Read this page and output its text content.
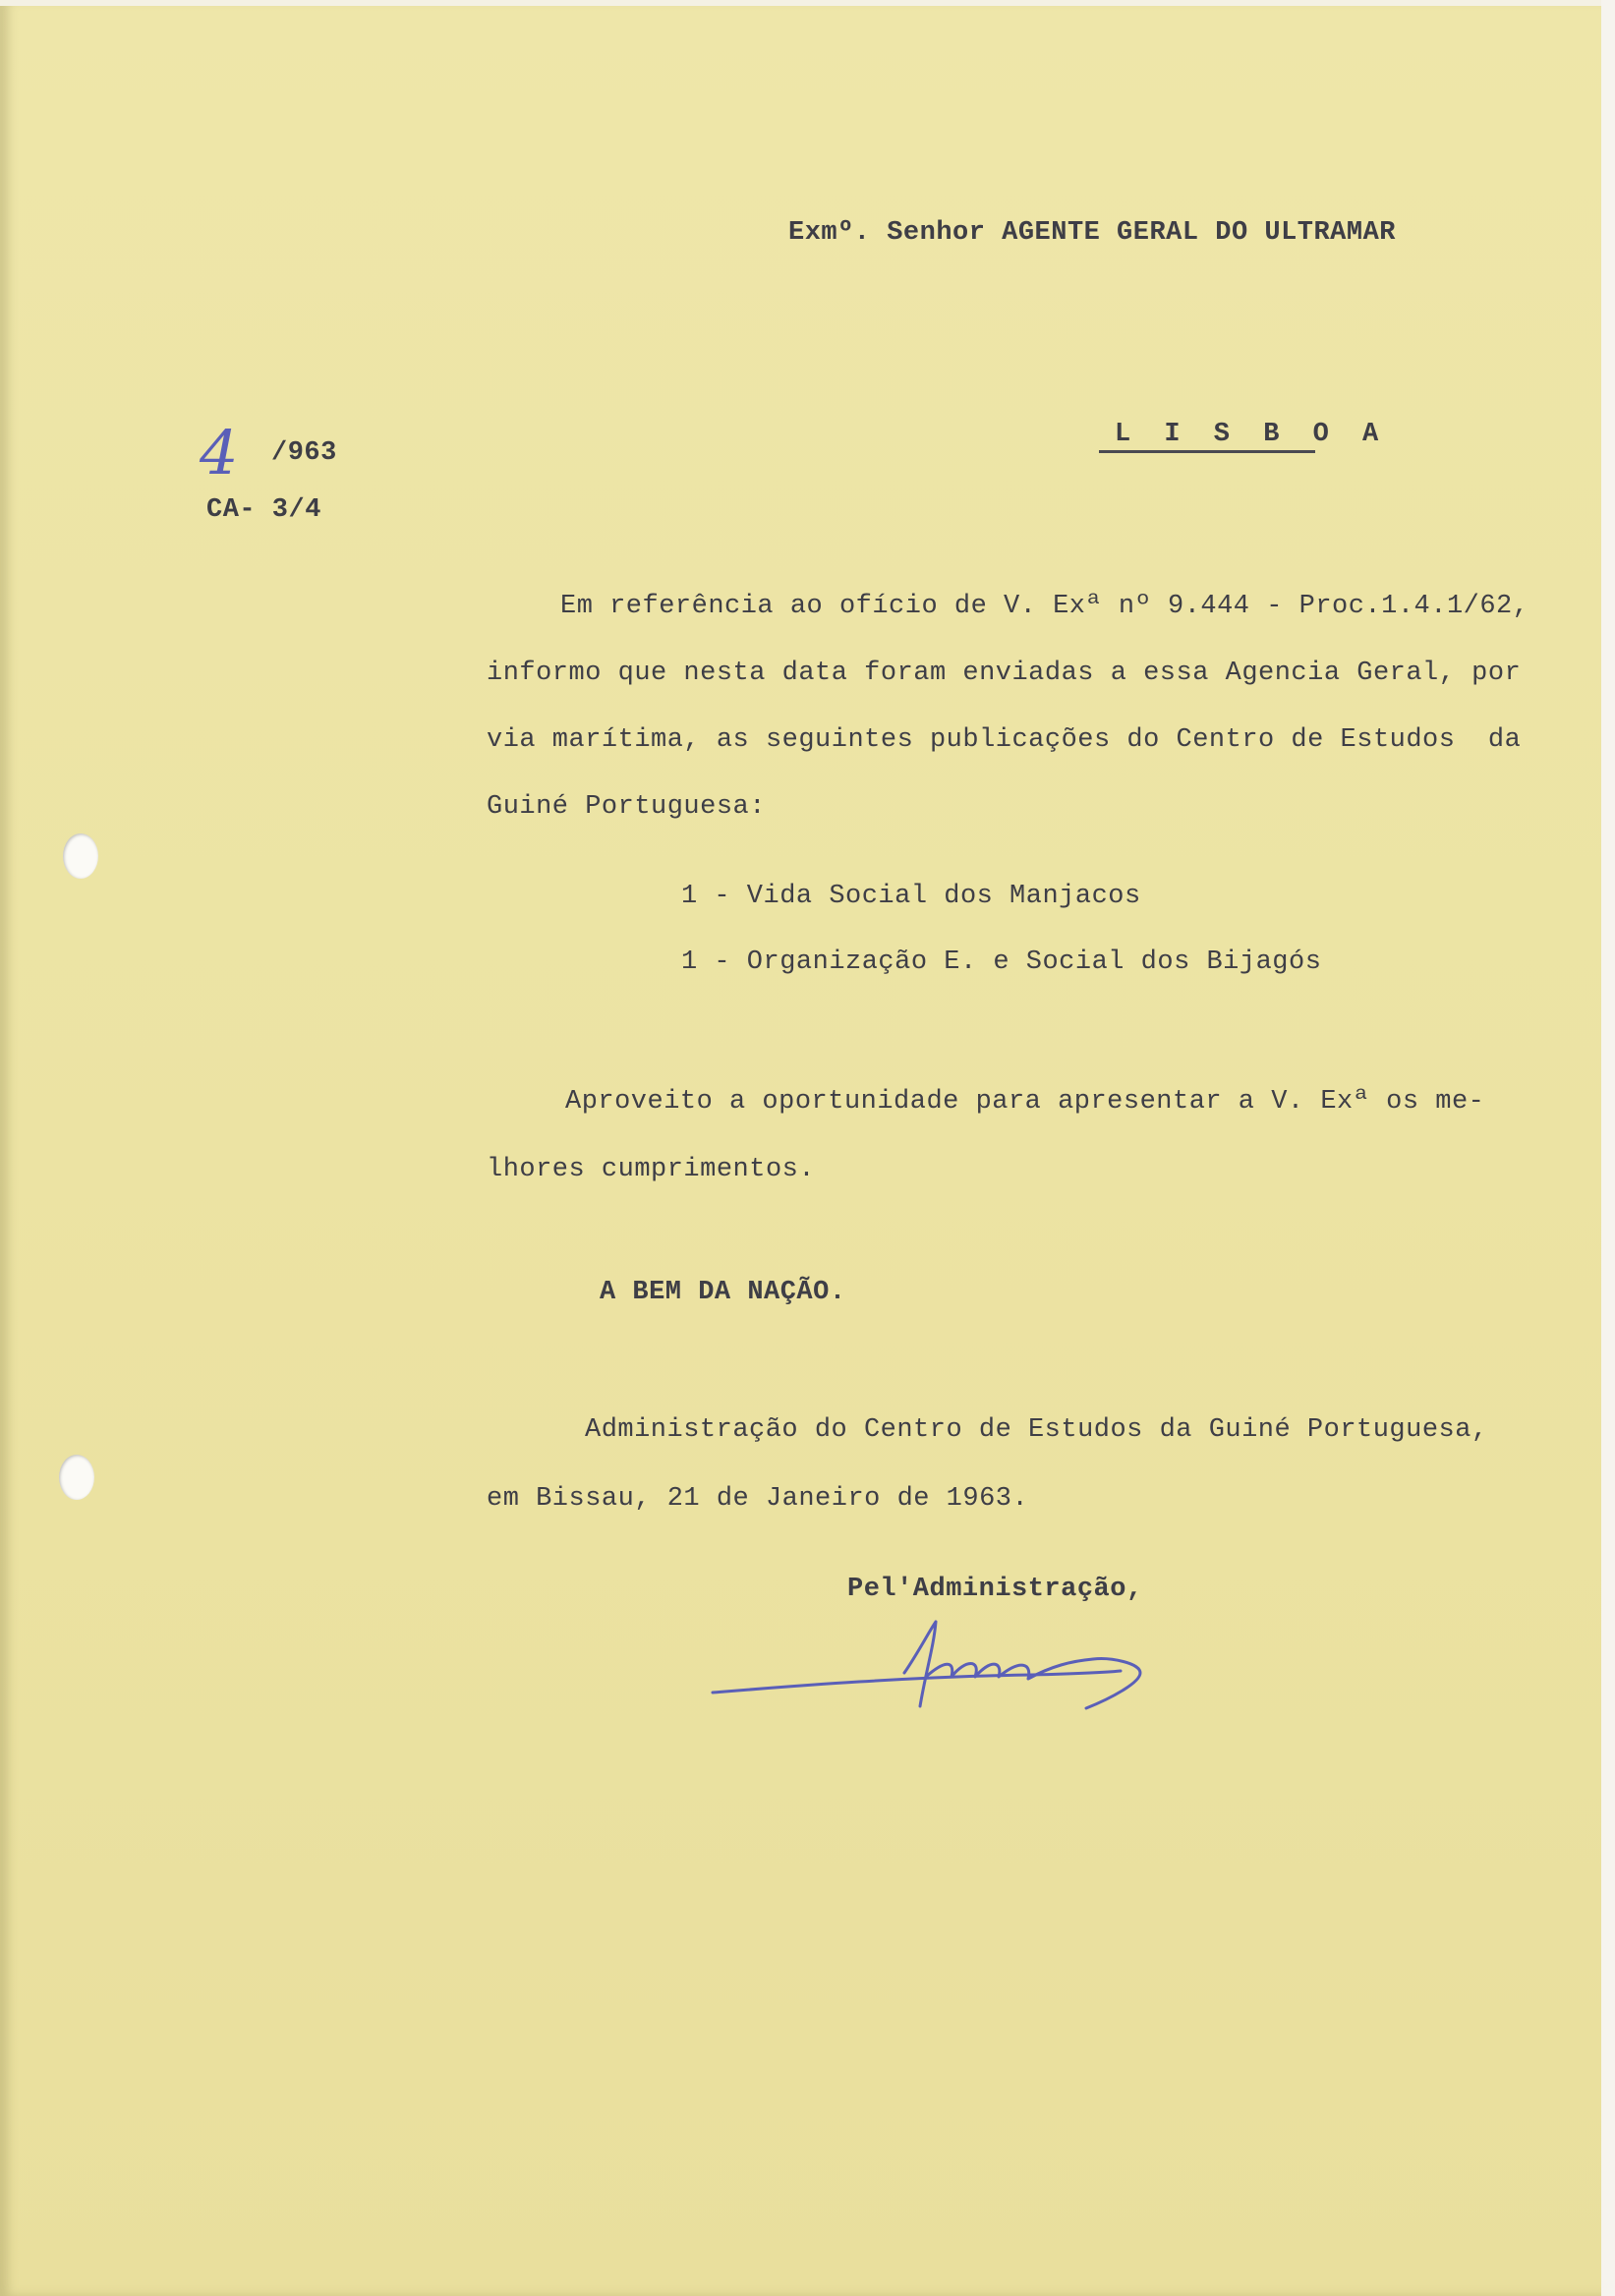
Exmº. Senhor AGENTE GERAL DO ULTRAMAR
L I S B O A
4 /963
CA- 3/4
Em referência ao ofício de V. Exª nº 9.444 - Proc.1.4.1/62,
informo que nesta data foram enviadas a essa Agencia Geral, por
via marítima, as seguintes publicações do Centro de Estudos  da
Guiné Portuguesa:
1 - Vida Social dos Manjacos
1 - Organização E. e Social dos Bijagós
Aproveito a oportunidade para apresentar a V. Exª os me-
lhores cumprimentos.
A BEM DA NAÇÃO.
Administração do Centro de Estudos da Guiné Portuguesa,
em Bissau, 21 de Janeiro de 1963.
Pel'Administração,
